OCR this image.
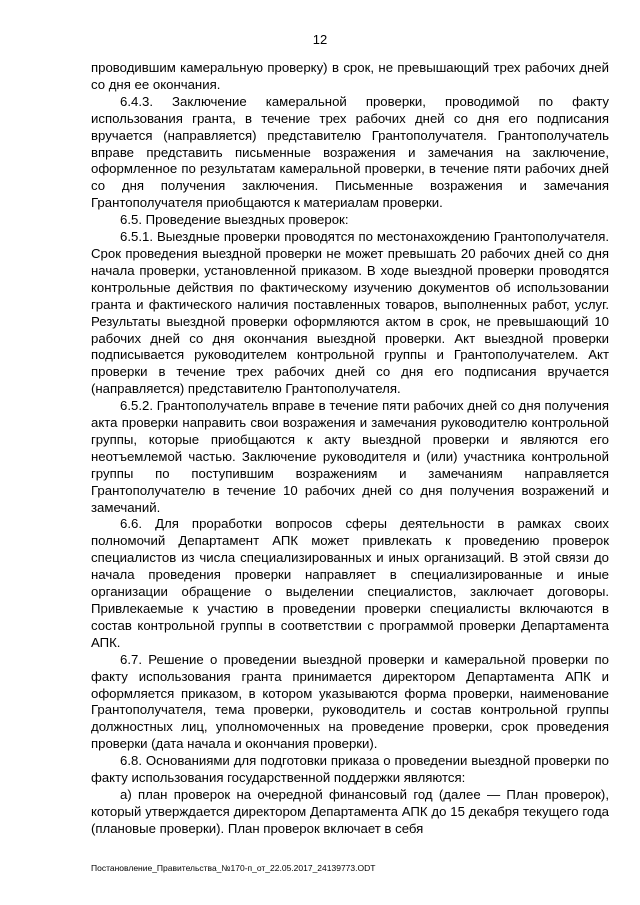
12

проводившим камеральную проверку) в срок, не превышающий трех рабочих дней со дня ее окончания.

6.4.3. Заключение камеральной проверки, проводимой по факту использования гранта, в течение трех рабочих дней со дня его подписания вручается (направляется) представителю Грантополучателя. Грантополучатель вправе представить письменные возражения и замечания на заключение, оформленное по результатам камеральной проверки, в течение пяти рабочих дней со дня получения заключения. Письменные возражения и замечания Грантополучателя приобщаются к материалам проверки.

6.5. Проведение выездных проверок:

6.5.1. Выездные проверки проводятся по местонахождению Грантополучателя. Срок проведения выездной проверки не может превышать 20 рабочих дней со дня начала проверки, установленной приказом. В ходе выездной проверки проводятся контрольные действия по фактическому изучению документов об использовании гранта и фактического наличия поставленных товаров, выполненных работ, услуг. Результаты выездной проверки оформляются актом в срок, не превышающий 10 рабочих дней со дня окончания выездной проверки. Акт выездной проверки подписывается руководителем контрольной группы и Грантополучателем. Акт проверки в течение трех рабочих дней со дня его подписания вручается (направляется) представителю Грантополучателя.

6.5.2. Грантополучатель вправе в течение пяти рабочих дней со дня получения акта проверки направить свои возражения и замечания руководителю контрольной группы, которые приобщаются к акту выездной проверки и являются его неотъемлемой частью. Заключение руководителя и (или) участника контрольной группы по поступившим возражениям и замечаниям направляется Грантополучателю в течение 10 рабочих дней со дня получения возражений и замечаний.

6.6. Для проработки вопросов сферы деятельности в рамках своих полномочий Департамент АПК может привлекать к проведению проверок специалистов из числа специализированных и иных организаций. В этой связи до начала проведения проверки направляет в специализированные и иные организации обращение о выделении специалистов, заключает договоры. Привлекаемые к участию в проведении проверки специалисты включаются в состав контрольной группы в соответствии с программой проверки Департамента АПК.

6.7. Решение о проведении выездной проверки и камеральной проверки по факту использования гранта принимается директором Департамента АПК и оформляется приказом, в котором указываются форма проверки, наименование Грантополучателя, тема проверки, руководитель и состав контрольной группы должностных лиц, уполномоченных на проведение проверки, срок проведения проверки (дата начала и окончания проверки).

6.8. Основаниями для подготовки приказа о проведении выездной проверки по факту использования государственной поддержки являются:

а) план проверок на очередной финансовый год (далее — План проверок), который утверждается директором Департамента АПК до 15 декабря текущего года (плановые проверки). План проверок включает в себя

Постановление_Правительства_№170-п_от_22.05.2017_24139773.ODT
